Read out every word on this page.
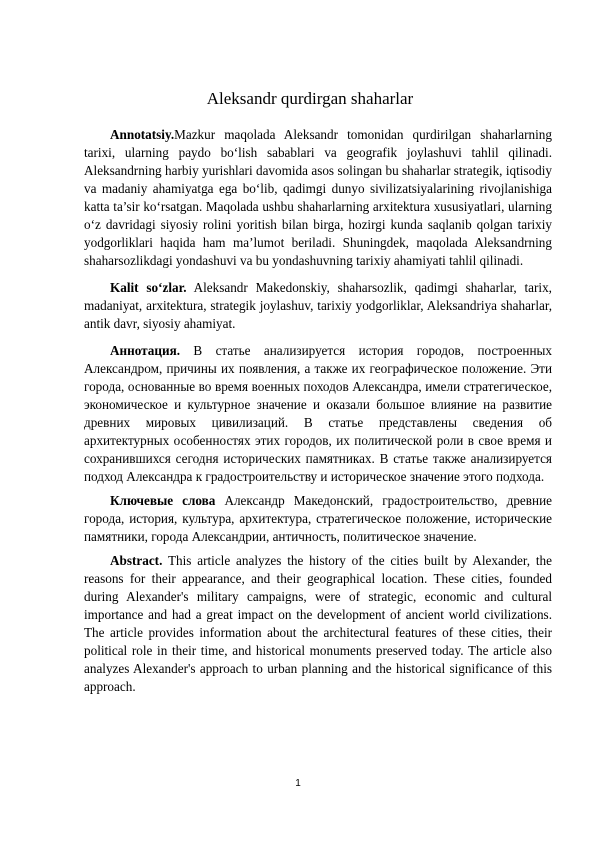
Aleksandr qurdirgan shaharlar

Annotatsiy.Mazkur maqolada Aleksandr tomonidan qurdirilgan shaharlarning tarixi, ularning paydo bo‘lish sabablari va geografik joylashuvi tahlil qilinadi. Aleksandrning harbiy yurishlari davomida asos solingan bu shaharlar strategik, iqtisodiy va madaniy ahamiyatga ega bo‘lib, qadimgi dunyo sivilizatsiyalarining rivojlanishiga katta ta’sir ko‘rsatgan. Maqolada ushbu shaharlarning arxitektura xususiyatlari, ularning o‘z davridagi siyosiy rolini yoritish bilan birga, hozirgi kunda saqlanib qolgan tarixiy yodgorliklari haqida ham ma’lumot beriladi. Shuningdek, maqolada Aleksandrning shaharsozlikdagi yondashuvi va bu yondashuvning tarixiy ahamiyati tahlil qilinadi.

Kalit so‘zlar. Aleksandr Makedonskiy, shaharsozlik, qadimgi shaharlar, tarix, madaniyat, arxitektura, strategik joylashuv, tarixiy yodgorliklar, Aleksandriya shaharlar, antik davr, siyosiy ahamiyat.

Аннотация. В статье анализируется история городов, построенных Александром, причины их появления, а также их географическое положение. Эти города, основанные во время военных походов Александра, имели стратегическое, экономическое и культурное значение и оказали большое влияние на развитие древних мировых цивилизаций. В статье представлены сведения об архитектурных особенностях этих городов, их политической роли в свое время и сохранившихся сегодня исторических памятниках. В статье также анализируется подход Александра к градостроительству и историческое значение этого подхода.

Ключевые слова Александр Македонский, градостроительство, древние города, история, культура, архитектура, стратегическое положение, исторические памятники, города Александрии, античность, политическое значение.

Abstract. This article analyzes the history of the cities built by Alexander, the reasons for their appearance, and their geographical location. These cities, founded during Alexander's military campaigns, were of strategic, economic and cultural importance and had a great impact on the development of ancient world civilizations. The article provides information about the architectural features of these cities, their political role in their time, and historical monuments preserved today. The article also analyzes Alexander's approach to urban planning and the historical significance of this approach.

1
